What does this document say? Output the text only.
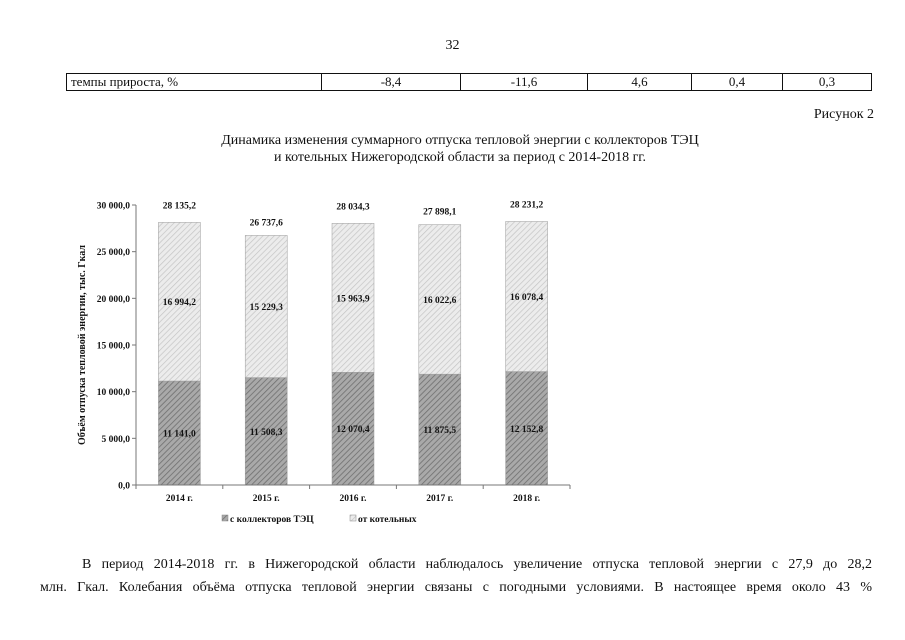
32
темпы прироста, %	-8,4	-11,6	4,6	0,4	0,3
Рисунок 2
Динамика изменения суммарного отпуска тепловой энергии с коллекторов ТЭЦ
и котельных Нижегородской области за период с 2014-2018 гг.
Объём отпуска тепловой энергии, тыс. Гкал
0,0
5 000,0
10 000,0
15 000,0
20 000,0
25 000,0
30 000,0
11 141,0
16 994,2
28 135,2
11 508,3
15 229,3
26 737,6
12 070,4
15 963,9
28 034,3
11 875,5
16 022,6
27 898,1
12 152,8
16 078,4
28 231,2
2014 г.	2015 г.	2016 г.	2017 г.	2018 г.
с коллекторов ТЭЦ	от котельных
В период 2014-2018 гг. в Нижегородской области наблюдалось увеличение отпуска тепловой энергии с 27,9 до 28,2
млн. Гкал. Колебания объёма отпуска тепловой энергии связаны с погодными условиями. В настоящее время около 43 %
